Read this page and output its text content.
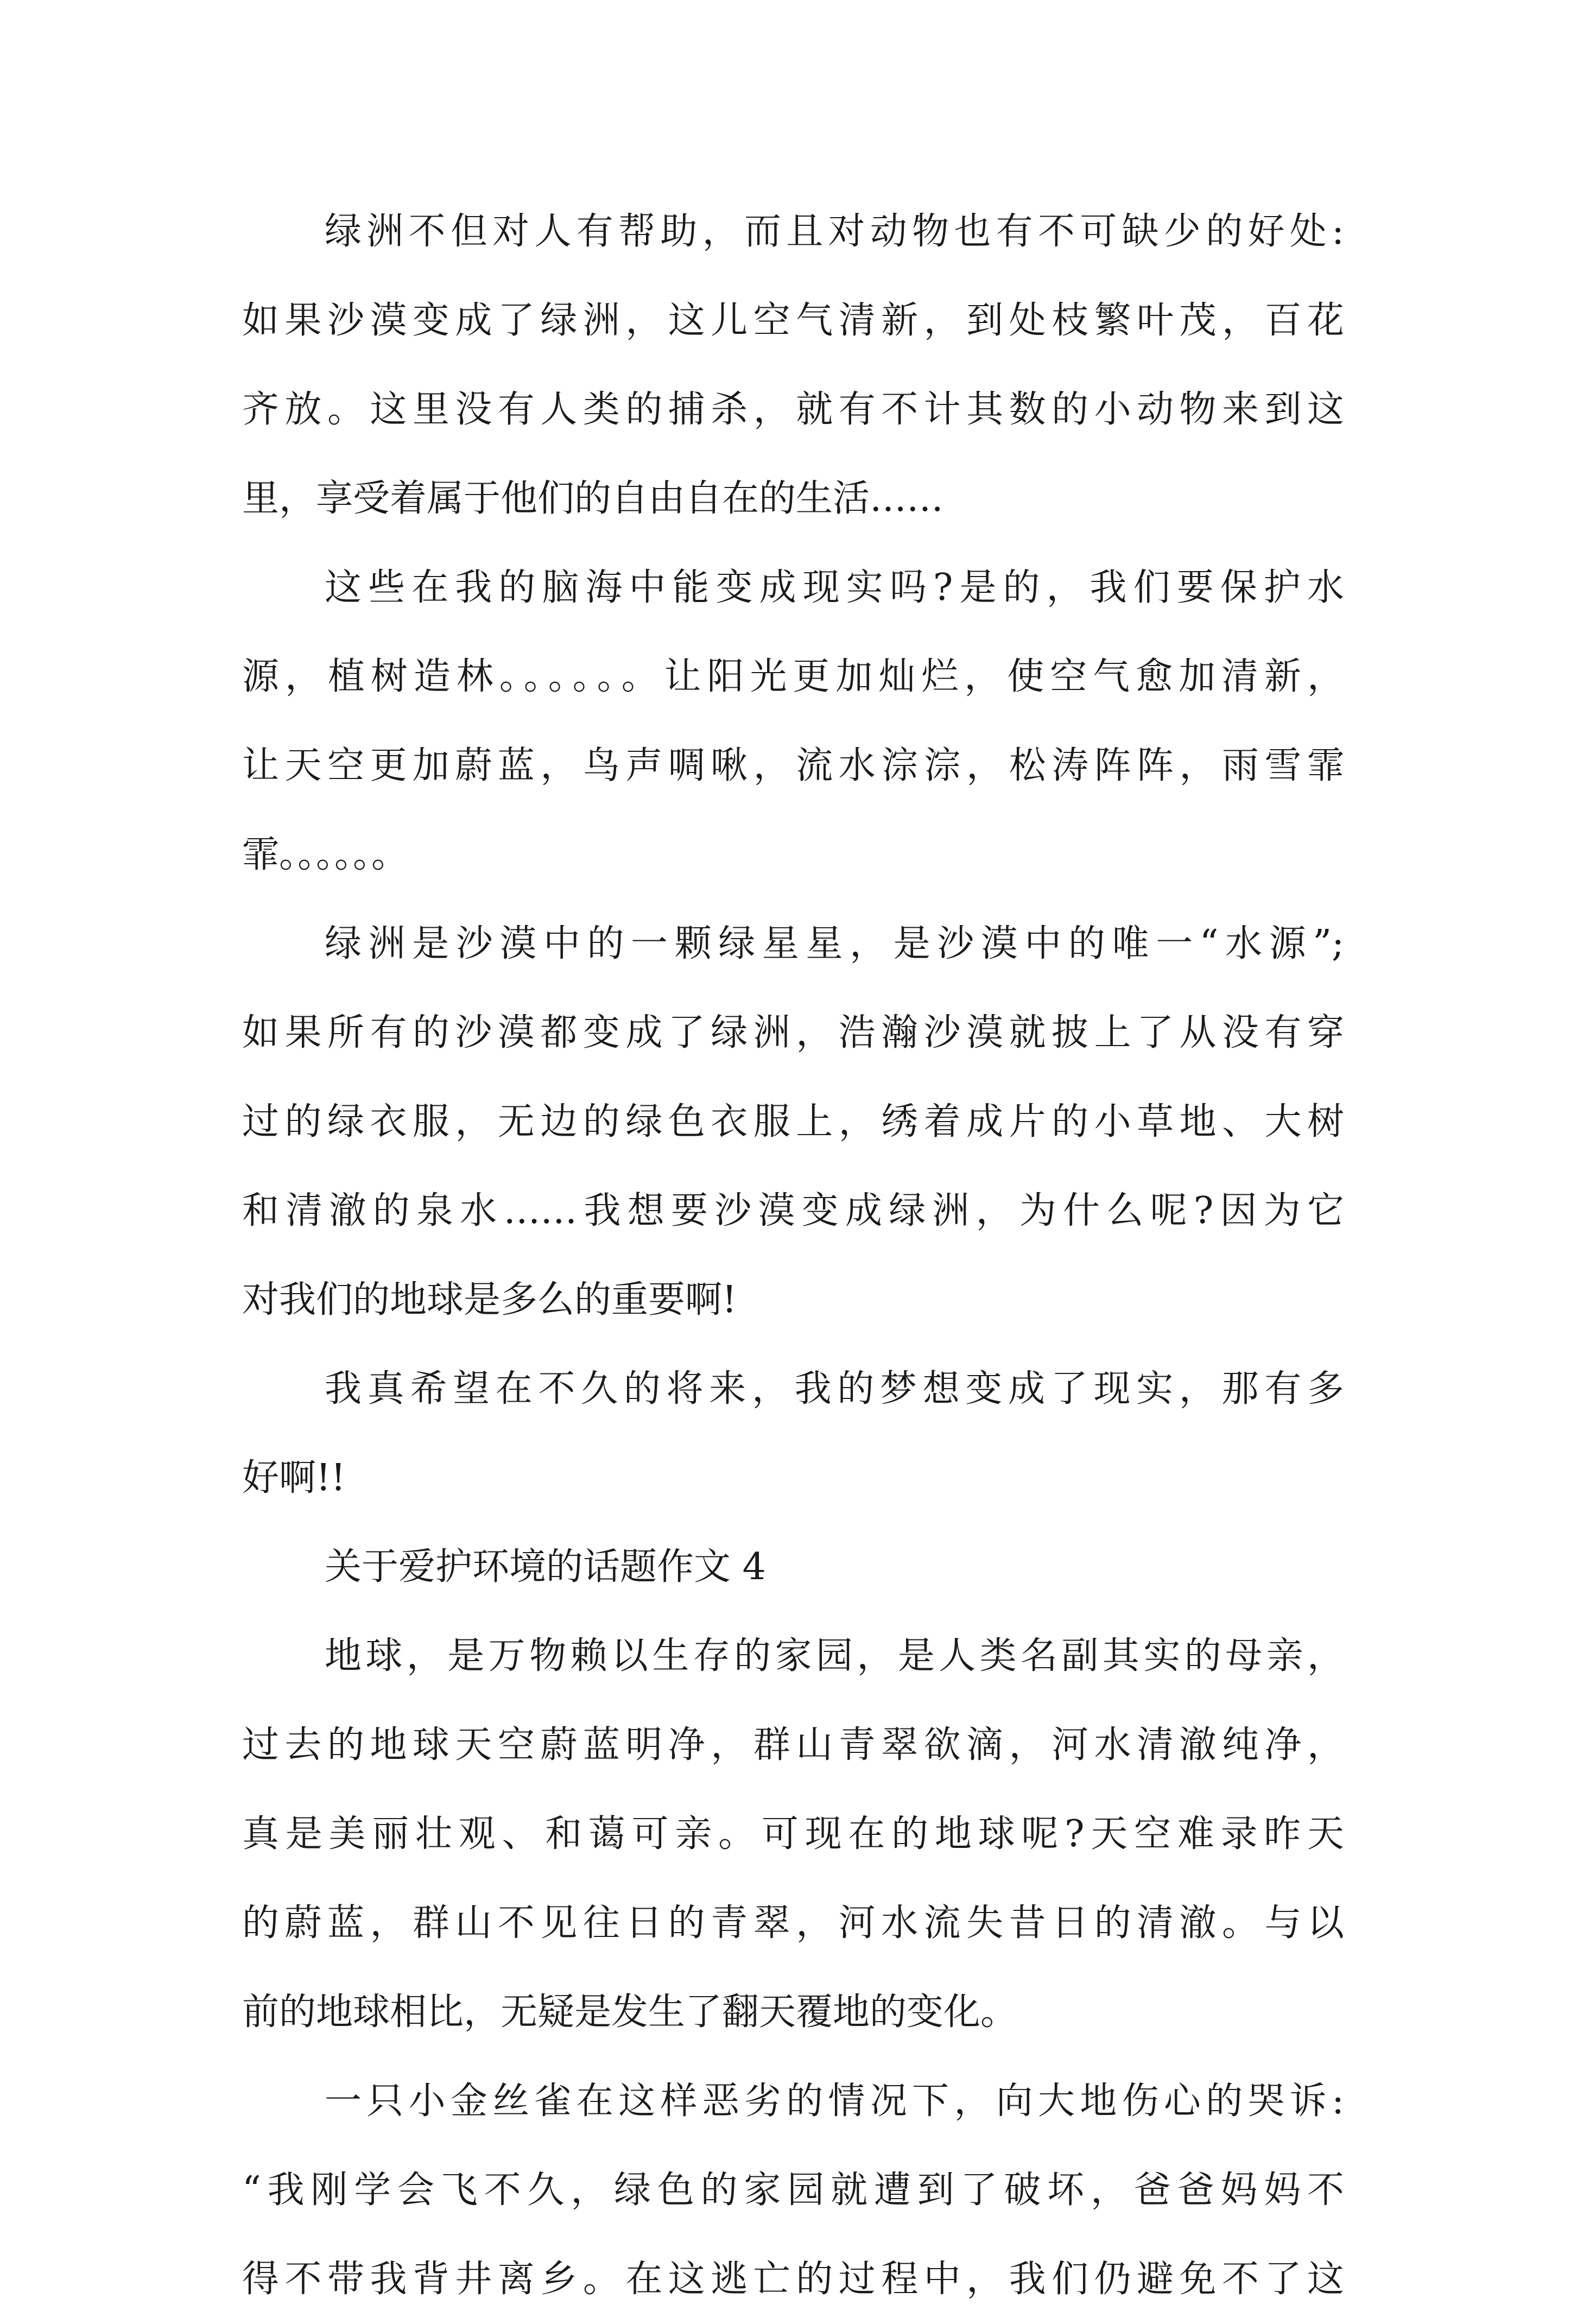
绿洲不但对人有帮助，而且对动物也有不可缺少的好处:
如果沙漠变成了绿洲，这儿空气清新，到处枝繁叶茂，百花
齐放。这里没有人类的捕杀，就有不计其数的小动物来到这
里，享受着属于他们的自由自在的生活……
这些在我的脑海中能变成现实吗?是的，我们要保护水
源，植树造林。。。。。。让阳光更加灿烂，使空气愈加清新，
让天空更加蔚蓝，鸟声啁啾，流水淙淙，松涛阵阵，雨雪霏
霏。。。。。。
绿洲是沙漠中的一颗绿星星，是沙漠中的唯一“水源”;
如果所有的沙漠都变成了绿洲，浩瀚沙漠就披上了从没有穿
过的绿衣服，无边的绿色衣服上，绣着成片的小草地、大树
和清澈的泉水……我想要沙漠变成绿洲，为什么呢?因为它
对我们的地球是多么的重要啊!
我真希望在不久的将来，我的梦想变成了现实，那有多
好啊!!
关于爱护环境的话题作文 4
地球，是万物赖以生存的家园，是人类名副其实的母亲，
过去的地球天空蔚蓝明净，群山青翠欲滴，河水清澈纯净，
真是美丽壮观、和蔼可亲。可现在的地球呢?天空难录昨天
的蔚蓝，群山不见往日的青翠，河水流失昔日的清澈。与以
前的地球相比，无疑是发生了翻天覆地的变化。
一只小金丝雀在这样恶劣的情况下，向大地伤心的哭诉:
“我刚学会飞不久，绿色的家园就遭到了破坏，爸爸妈妈不
得不带我背井离乡。在这逃亡的过程中，我们仍避免不了这
